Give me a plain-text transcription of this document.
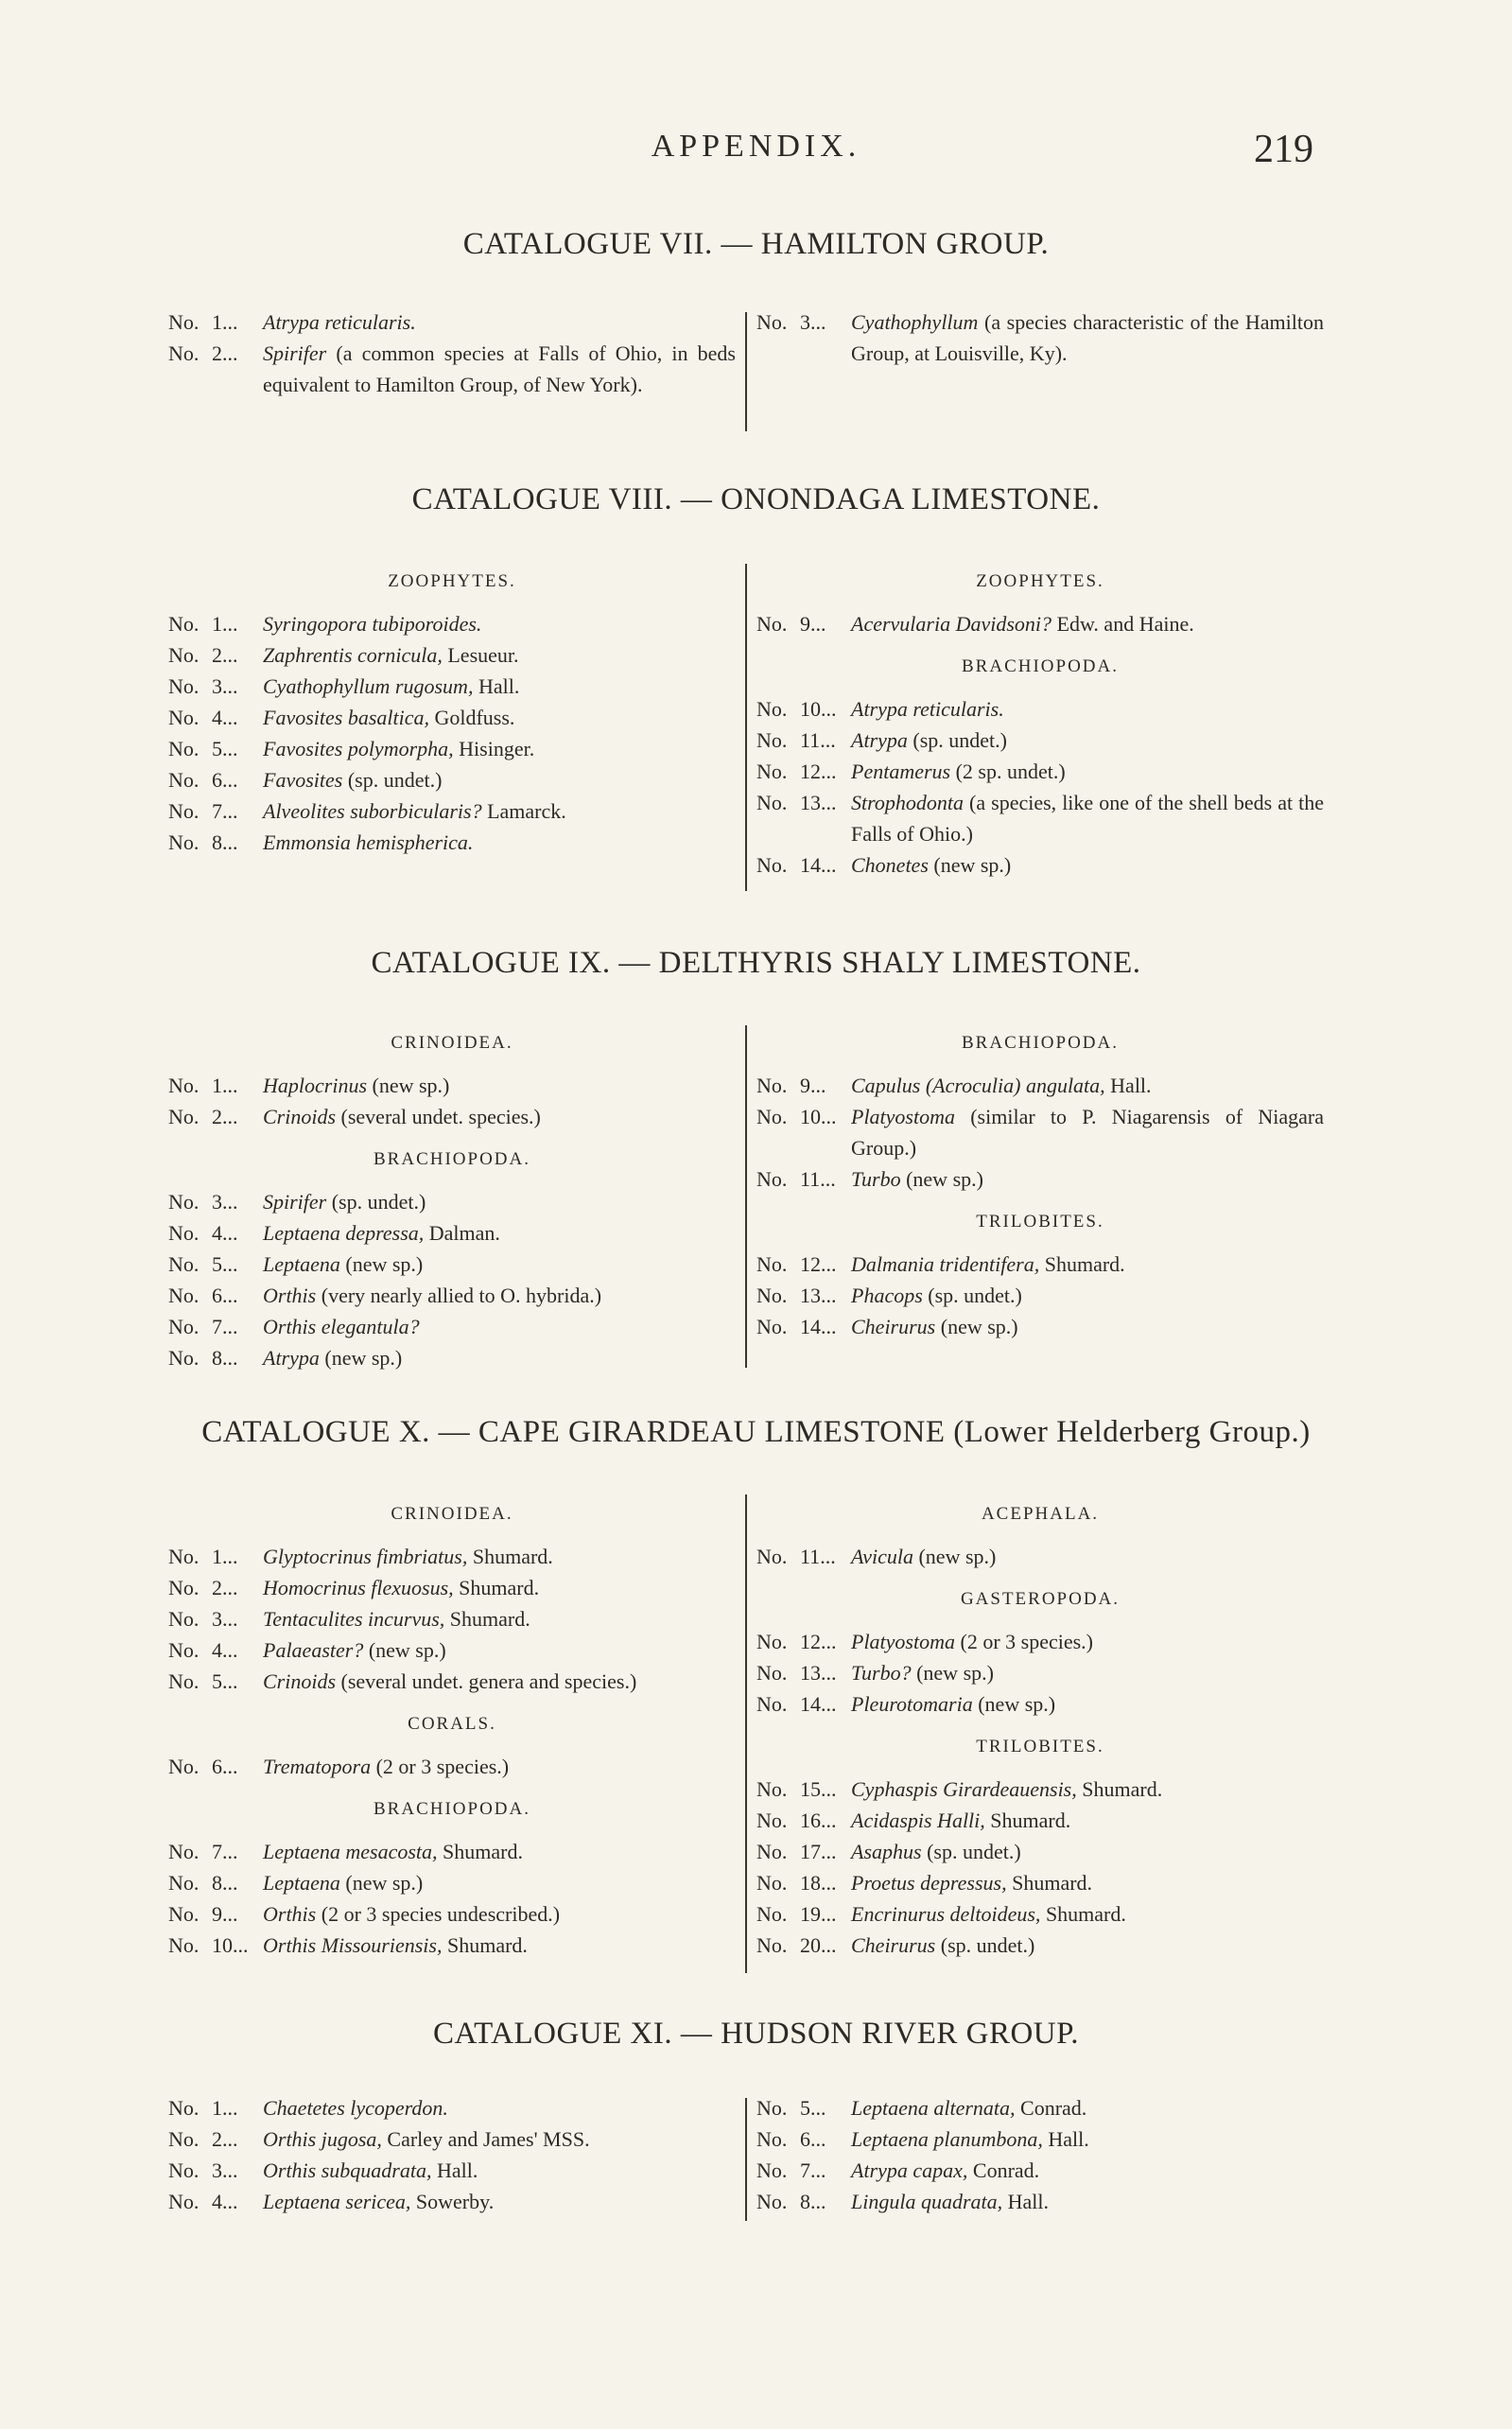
APPENDIX.	219
CATALOGUE VII. — HAMILTON GROUP.
No. 1...	Atrypa reticularis.
No. 2...	Spirifer (a common species at Falls of Ohio, in beds equivalent to Hamilton Group, of New York).
No. 3...	Cyathophyllum (a species characteristic of the Hamilton Group, at Louisville, Ky).
CATALOGUE VIII. — ONONDAGA LIMESTONE.
ZOOPHYTES.
No. 1...	Syringopora tubiporoides.
No. 2...	Zaphrentis cornicula, Lesueur.
No. 3...	Cyathophyllum rugosum, Hall.
No. 4...	Favosites basaltica, Goldfuss.
No. 5...	Favosites polymorpha, Hisinger.
No. 6...	Favosites (sp. undet.)
No. 7...	Alveolites suborbicularis? Lamarck.
No. 8...	Emmonsia hemispherica.
ZOOPHYTES.
No. 9...	Acervularia Davidsoni? Edw. and Haine.
BRACHIOPODA.
No. 10... Atrypa reticularis.
No. 11... Atrypa (sp. undet.)
No. 12... Pentamerus (2 sp. undet.)
No. 13... Strophodonta (a species, like one of the shell beds at the Falls of Ohio.)
No. 14... Chonetes (new sp.)
CATALOGUE IX. — DELTHYRIS SHALY LIMESTONE.
CRINOIDEA.
No. 1...	Haplocrinus (new sp.)
No. 2...	Crinoids (several undet. species.)
BRACHIOPODA.
No. 3...	Spirifer (sp. undet.)
No. 4...	Leptaena depressa, Dalman.
No. 5...	Leptaena (new sp.)
No. 6...	Orthis (very nearly allied to O. hybrida.)
No. 7...	Orthis elegantula?
No. 8...	Atrypa (new sp.)
BRACHIOPODA.
No. 9...	Capulus (Acroculia) angulata, Hall.
No. 10... Platyostoma (similar to P. Niagarensis of Niagara Group.)
No. 11... Turbo (new sp.)
TRILOBITES.
No. 12... Dalmania tridentifera, Shumard.
No. 13... Phacops (sp. undet.)
No. 14... Cheirurus (new sp.)
CATALOGUE X. — CAPE GIRARDEAU LIMESTONE (Lower Helderberg Group.)
CRINOIDEA.
No. 1...	Glyptocrinus fimbriatus, Shumard.
No. 2...	Homocrinus flexuosus, Shumard.
No. 3...	Tentaculites incurvus, Shumard.
No. 4...	Palaeaster? (new sp.)
No. 5...	Crinoids (several undet. genera and species.)
CORALS.
No. 6...	Trematopora (2 or 3 species.)
BRACHIOPODA.
No. 7...	Leptaena mesacosta, Shumard.
No. 8...	Leptaena (new sp.)
No. 9...	Orthis (2 or 3 species undescribed.)
No. 10... Orthis Missouriensis, Shumard.
ACEPHALA.
No. 11... Avicula (new sp.)
GASTEROPODA.
No. 12... Platyostoma (2 or 3 species.)
No. 13... Turbo? (new sp.)
No. 14... Pleurotomaria (new sp.)
TRILOBITES.
No. 15... Cyphaspis Girardeauensis, Shumard.
No. 16... Acidaspis Halli, Shumard.
No. 17... Asaphus (sp. undet.)
No. 18... Proetus depressus, Shumard.
No. 19... Encrinurus deltoideus, Shumard.
No. 20... Cheirurus (sp. undet.)
CATALOGUE XI. — HUDSON RIVER GROUP.
No. 1...	Chaetetes lycoperdon.
No. 2...	Orthis jugosa, Carley and James' MSS.
No. 3...	Orthis subquadrata, Hall.
No. 4...	Leptaena sericea, Sowerby.
No. 5...	Leptaena alternata, Conrad.
No. 6...	Leptaena planumbona, Hall.
No. 7...	Atrypa capax, Conrad.
No. 8...	Lingula quadrata, Hall.
